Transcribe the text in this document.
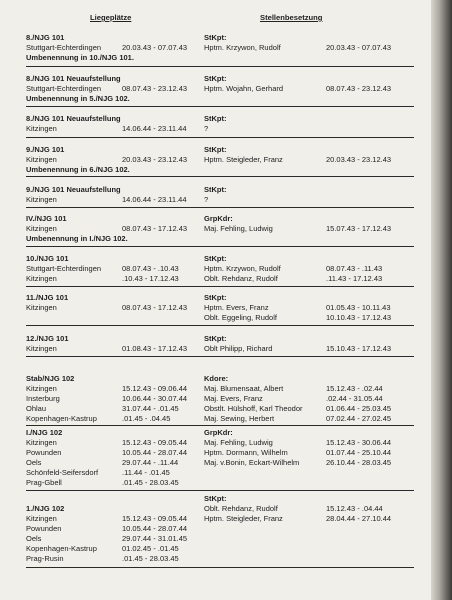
Liegeplätze	Stellenbesetzung
8./NJG 101	StKpt:
Stuttgart-Echterdingen	20.03.43 - 07.07.43 Hptm. Krzywon, Rudolf	20.03.43 - 07.07.43
Umbenennung in 10./NJG 101.
8./NJG 101 Neuaufstellung	StKpt:
Stuttgart-Echterdingen	08.07.43 - 23.12.43 Hptm. Wojahn, Gerhard	08.07.43 - 23.12.43
Umbenennung in 5./NJG 102.
8./NJG 101 Neuaufstellung	StKpt:
Kitzingen	14.06.44 - 23.11.44 ?
9./NJG 101	StKpt:
Kitzingen	20.03.43 - 23.12.43 Hptm. Steigleder, Franz	20.03.43 - 23.12.43
Umbenennung in 6./NJG 102.
9./NJG 101 Neuaufstellung	StKpt:
Kitzingen	14.06.44 - 23.11.44 ?
IV./NJG 101	GrpKdr:
Kitzingen	08.07.43 - 17.12.43 Maj. Fehling, Ludwig	15.07.43 - 17.12.43
Umbenennung in I./NJG 102.
10./NJG 101	StKpt:
Stuttgart-Echterdingen	08.07.43 - .10.43	Hptm. Krzywon, Rudolf	08.07.43 - .11.43
Kitzingen	.10.43 - 17.12.43	Oblt. Rehdanz, Rudolf	.11.43 - 17.12.43
11./NJG 101	StKpt:
Kitzingen	08.07.43 - 17.12.43 Hptm. Evers, Franz	01.05.43 - 10.11.43
Oblt. Eggeling, Rudolf	10.10.43 - 17.12.43
12./NJG 101	StKpt:
Kitzingen	01.08.43 - 17.12.43 Oblt Philipp, Richard	15.10.43 - 17.12.43
Stab/NJG 102	Kdore:
Kitzingen	15.12.43 - 09.06.44 Maj. Blumensaat, Albert	15.12.43 - .02.44
Insterburg	10.06.44 - 30.07.44 Maj. Evers, Franz	.02.44 - 31.05.44
Ohlau	31.07.44 - .01.45	Obstlt. Hülshoff, Karl Theodor	01.06.44 - 25.03.45
Kopenhagen-Kastrup	.01.45 - .04.45	Maj. Sewing, Herbert	07.02.44 - 27.02.45
I./NJG 102	GrpKdr:
Kitzingen	15.12.43 - 09.05.44 Maj. Fehling, Ludwig	15.12.43 - 30.06.44
Powunden	10.05.44 - 28.07.44 Hptm. Dormann, Wilhelm	01.07.44 - 25.10.44
Oels	29.07.44 - .11.44	Maj. v.Bonin, Eckart-Wilhelm	26.10.44 - 28.03.45
Schönfeld-Seifersdorf	.11.44 - .01.45
Prag-Gbell	.01.45 - 28.03.45
StKpt:
1./NJG 102	Oblt. Rehdanz, Rudolf	15.12.43 - .04.44
Kitzingen	15.12.43 - 09.05.44 Hptm. Steigleder, Franz	28.04.44 - 27.10.44
Powunden	10.05.44 - 28.07.44
Oels	29.07.44 - 31.01.45
Kopenhagen-Kastrup	01.02.45 - .01.45
Prag-Rusin	.01.45 - 28.03.45
